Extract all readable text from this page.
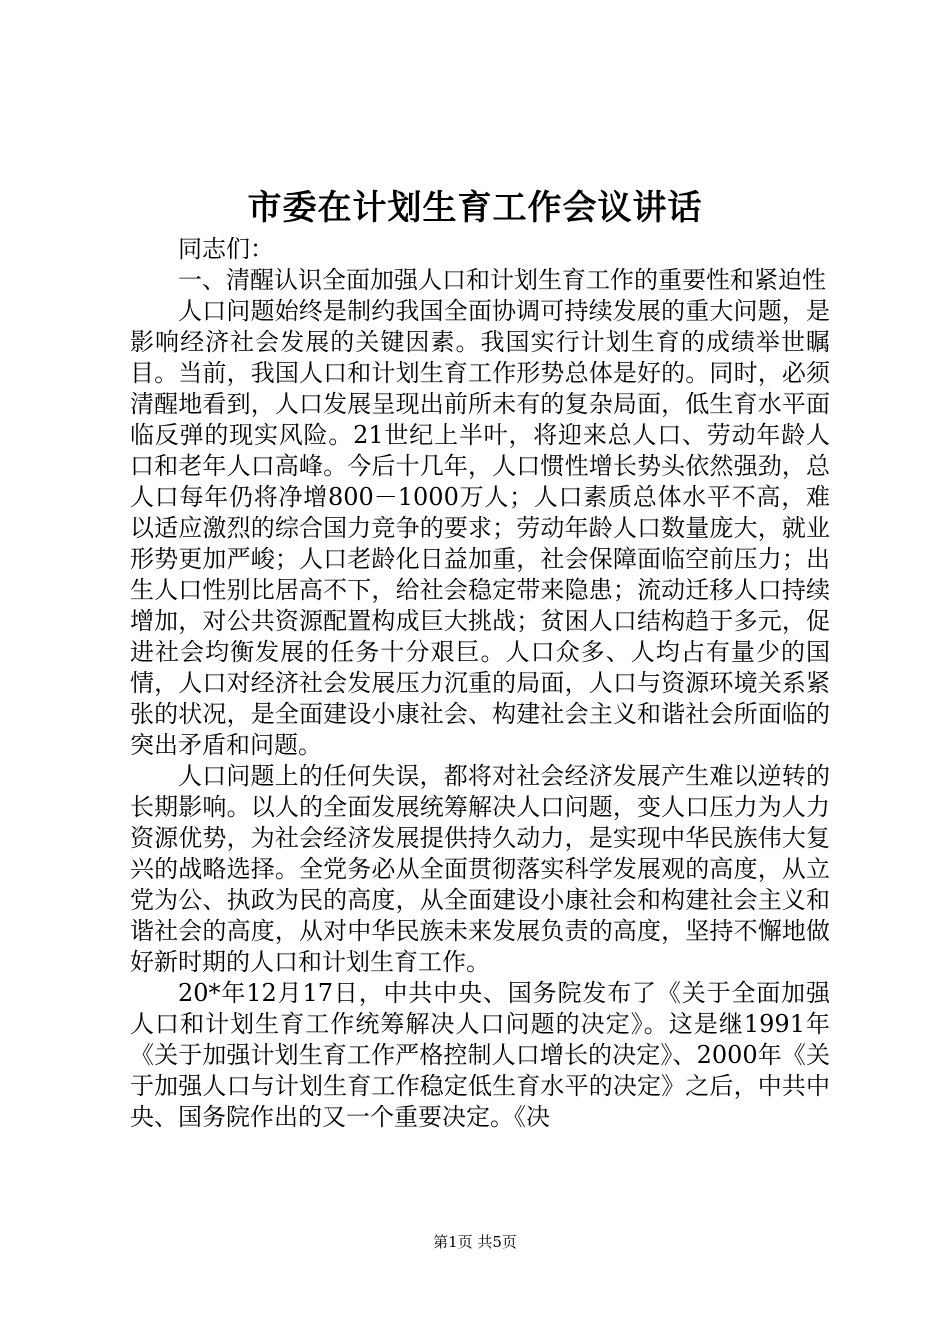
市委在计划生育工作会议讲话

同志们：

一、清醒认识全面加强人口和计划生育工作的重要性和紧迫性

人口问题始终是制约我国全面协调可持续发展的重大问题，是影响经济社会发展的关键因素。我国实行计划生育的成绩举世瞩目。当前，我国人口和计划生育工作形势总体是好的。同时，必须清醒地看到，人口发展呈现出前所未有的复杂局面，低生育水平面临反弹的现实风险。21世纪上半叶，将迎来总人口、劳动年龄人口和老年人口高峰。今后十几年，人口惯性增长势头依然强劲，总人口每年仍将净增800－1000万人；人口素质总体水平不高，难以适应激烈的综合国力竞争的要求；劳动年龄人口数量庞大，就业形势更加严峻；人口老龄化日益加重，社会保障面临空前压力；出生人口性别比居高不下，给社会稳定带来隐患；流动迁移人口持续增加，对公共资源配置构成巨大挑战；贫困人口结构趋于多元，促进社会均衡发展的任务十分艰巨。人口众多、人均占有量少的国情，人口对经济社会发展压力沉重的局面，人口与资源环境关系紧张的状况，是全面建设小康社会、构建社会主义和谐社会所面临的突出矛盾和问题。

人口问题上的任何失误，都将对社会经济发展产生难以逆转的长期影响。以人的全面发展统筹解决人口问题，变人口压力为人力资源优势，为社会经济发展提供持久动力，是实现中华民族伟大复兴的战略选择。全党务必从全面贯彻落实科学发展观的高度，从立党为公、执政为民的高度，从全面建设小康社会和构建社会主义和谐社会的高度，从对中华民族未来发展负责的高度，坚持不懈地做好新时期的人口和计划生育工作。

20*年12月17日，中共中央、国务院发布了《关于全面加强人口和计划生育工作统筹解决人口问题的决定》。这是继1991年《关于加强计划生育工作严格控制人口增长的决定》、2000年《关于加强人口与计划生育工作稳定低生育水平的决定》之后，中共中央、国务院作出的又一个重要决定。《决

第1页 共5页
